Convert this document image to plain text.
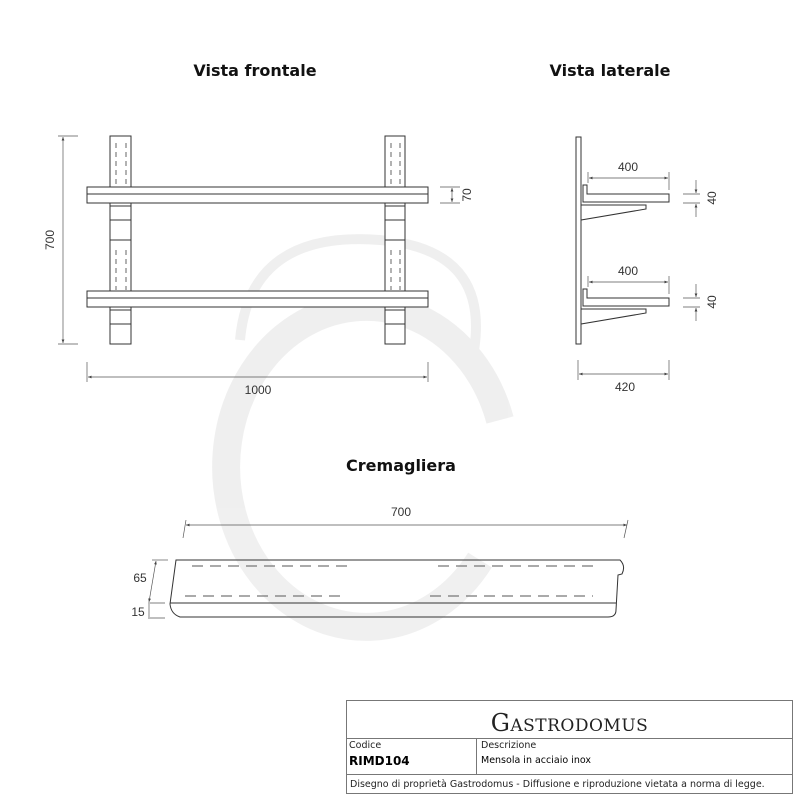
Vista frontale	Vista laterale
Cremagliera
700
1000
70
400
400
40
40
420
65
15
700
GASTRODOMUS
Codice
RIMD104
Descrizione
Mensola in acciaio inox
Disegno di proprietà Gastrodomus - Diffusione e riproduzione vietata a norma di legge.
